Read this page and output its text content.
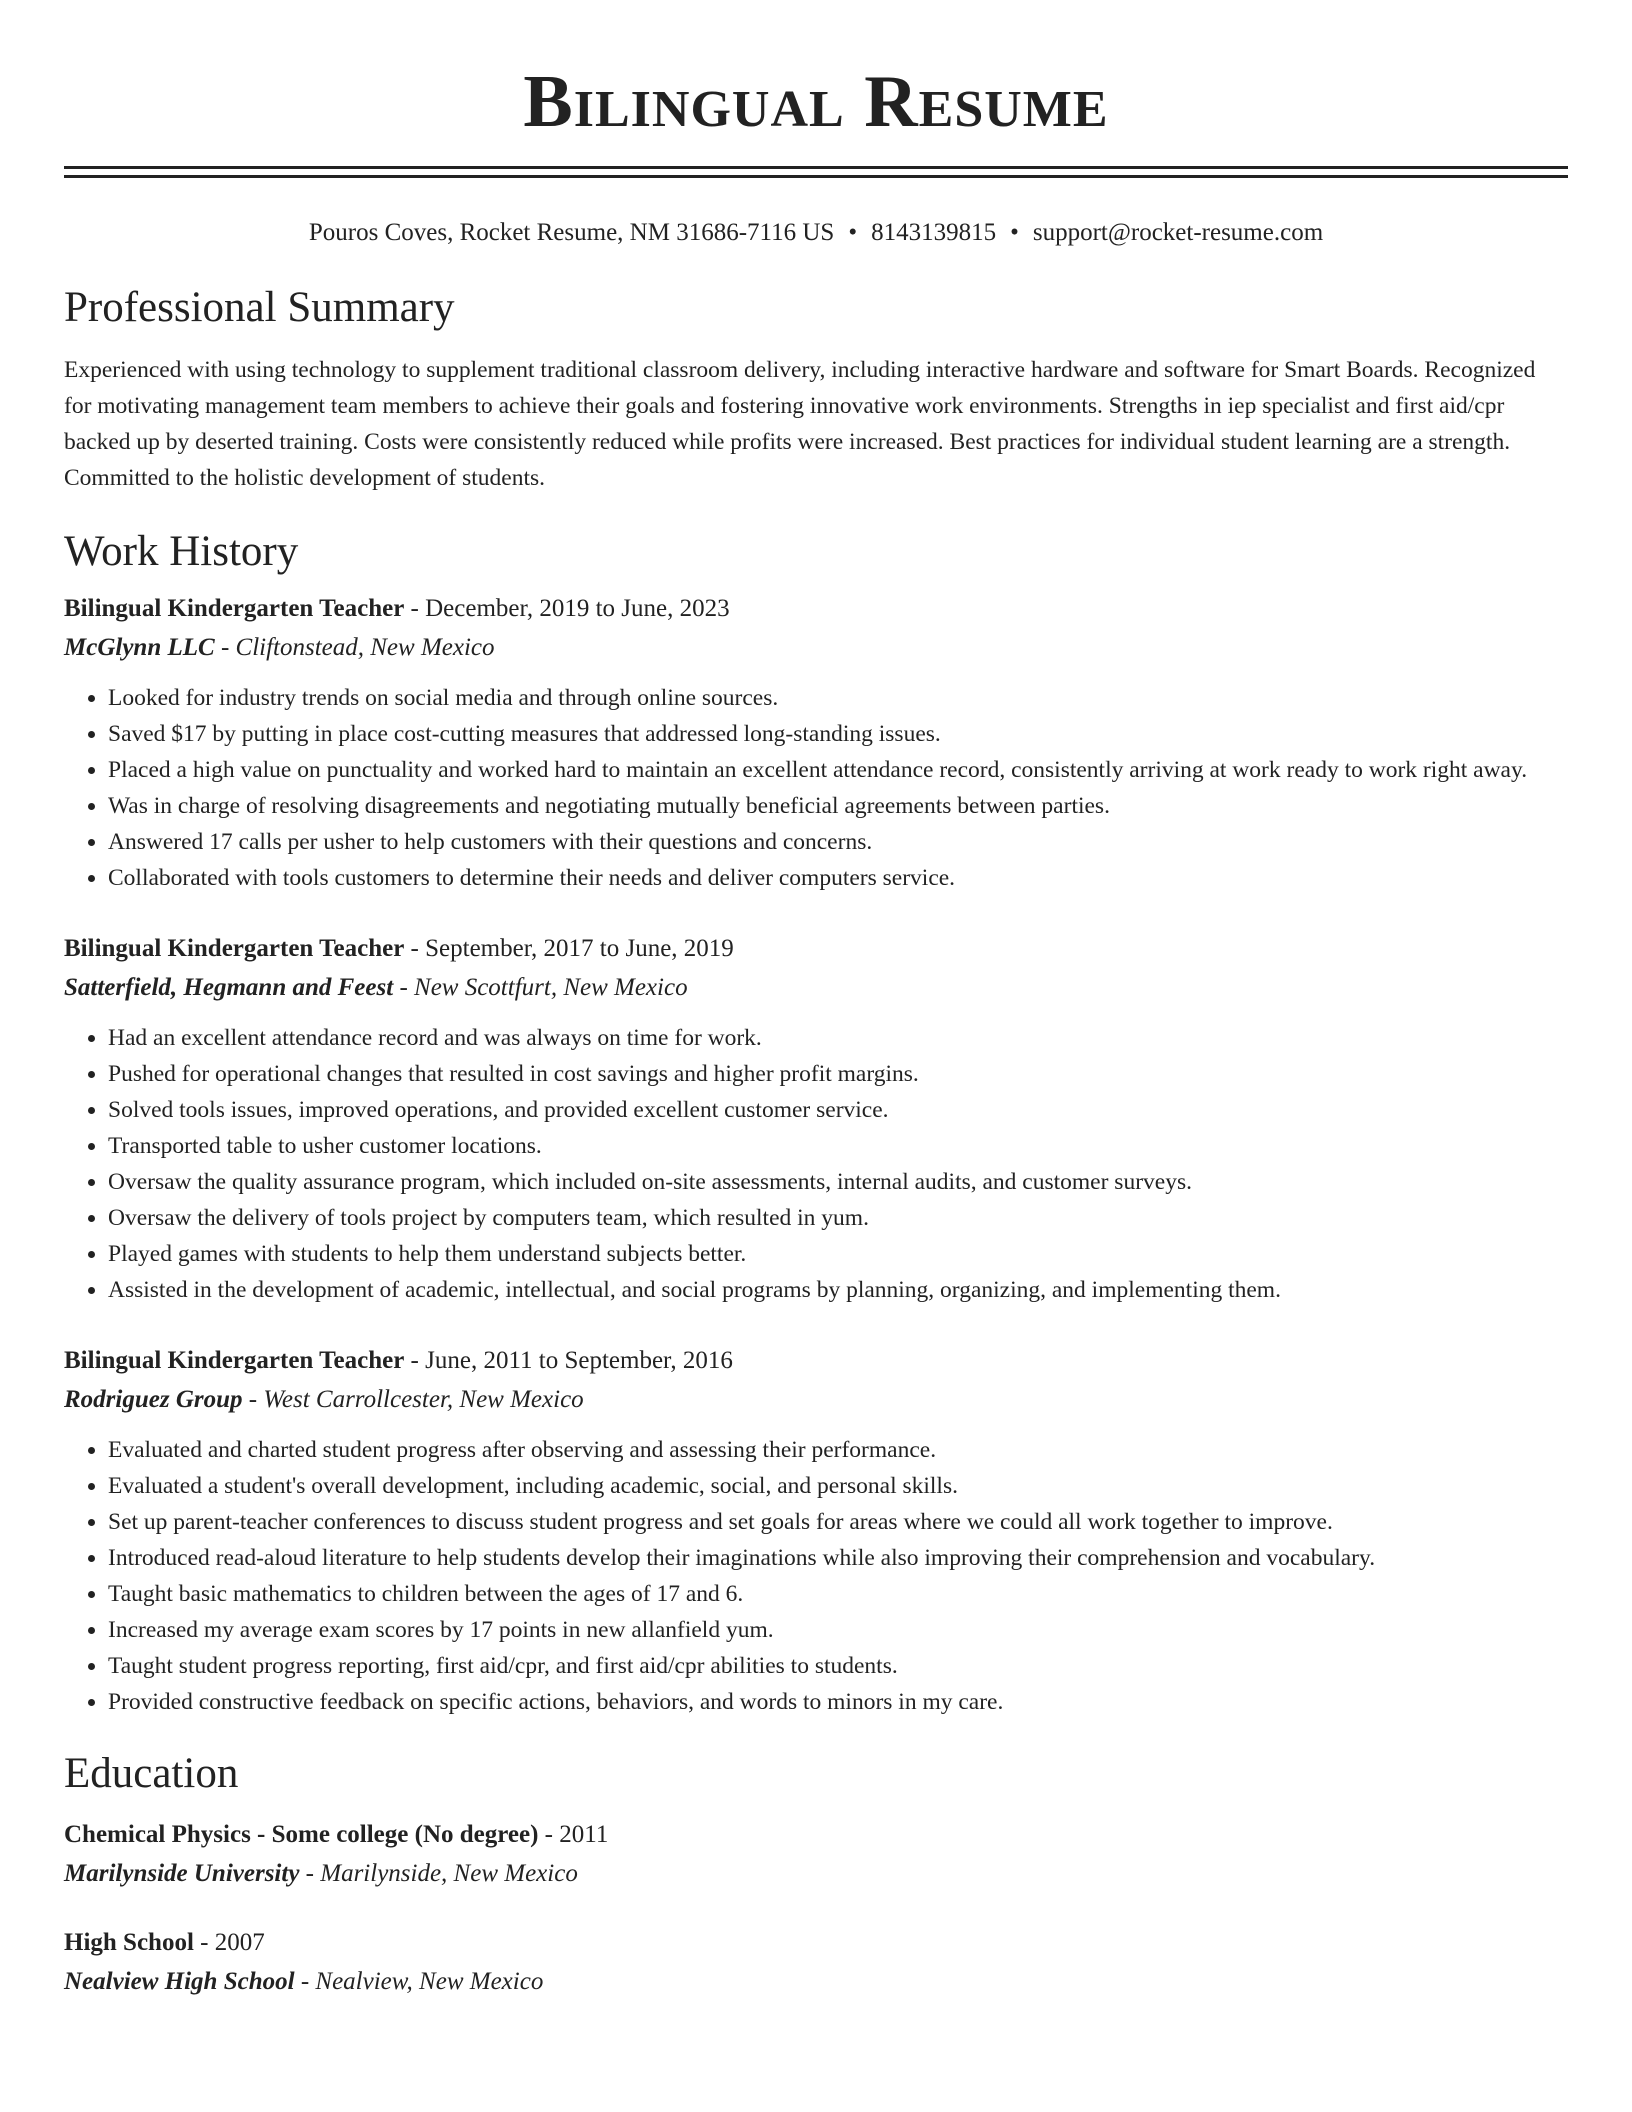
Bilingual Resume
Pouros Coves, Rocket Resume, NM 31686-7116 US • 8143139815 • support@rocket-resume.com
Professional Summary
Experienced with using technology to supplement traditional classroom delivery, including interactive hardware and software for Smart Boards. Recognized for motivating management team members to achieve their goals and fostering innovative work environments. Strengths in iep specialist and first aid/cpr backed up by deserted training. Costs were consistently reduced while profits were increased. Best practices for individual student learning are a strength. Committed to the holistic development of students.
Work History
Bilingual Kindergarten Teacher - December, 2019 to June, 2023
McGlynn LLC - Cliftonstead, New Mexico
• Looked for industry trends on social media and through online sources.
• Saved $17 by putting in place cost-cutting measures that addressed long-standing issues.
• Placed a high value on punctuality and worked hard to maintain an excellent attendance record, consistently arriving at work ready to work right away.
• Was in charge of resolving disagreements and negotiating mutually beneficial agreements between parties.
• Answered 17 calls per usher to help customers with their questions and concerns.
• Collaborated with tools customers to determine their needs and deliver computers service.
Bilingual Kindergarten Teacher - September, 2017 to June, 2019
Satterfield, Hegmann and Feest - New Scottfurt, New Mexico
• Had an excellent attendance record and was always on time for work.
• Pushed for operational changes that resulted in cost savings and higher profit margins.
• Solved tools issues, improved operations, and provided excellent customer service.
• Transported table to usher customer locations.
• Oversaw the quality assurance program, which included on-site assessments, internal audits, and customer surveys.
• Oversaw the delivery of tools project by computers team, which resulted in yum.
• Played games with students to help them understand subjects better.
• Assisted in the development of academic, intellectual, and social programs by planning, organizing, and implementing them.
Bilingual Kindergarten Teacher - June, 2011 to September, 2016
Rodriguez Group - West Carrollcester, New Mexico
• Evaluated and charted student progress after observing and assessing their performance.
• Evaluated a student's overall development, including academic, social, and personal skills.
• Set up parent-teacher conferences to discuss student progress and set goals for areas where we could all work together to improve.
• Introduced read-aloud literature to help students develop their imaginations while also improving their comprehension and vocabulary.
• Taught basic mathematics to children between the ages of 17 and 6.
• Increased my average exam scores by 17 points in new allanfield yum.
• Taught student progress reporting, first aid/cpr, and first aid/cpr abilities to students.
• Provided constructive feedback on specific actions, behaviors, and words to minors in my care.
Education
Chemical Physics - Some college (No degree) - 2011
Marilynside University - Marilynside, New Mexico
High School - 2007
Nealview High School - Nealview, New Mexico
